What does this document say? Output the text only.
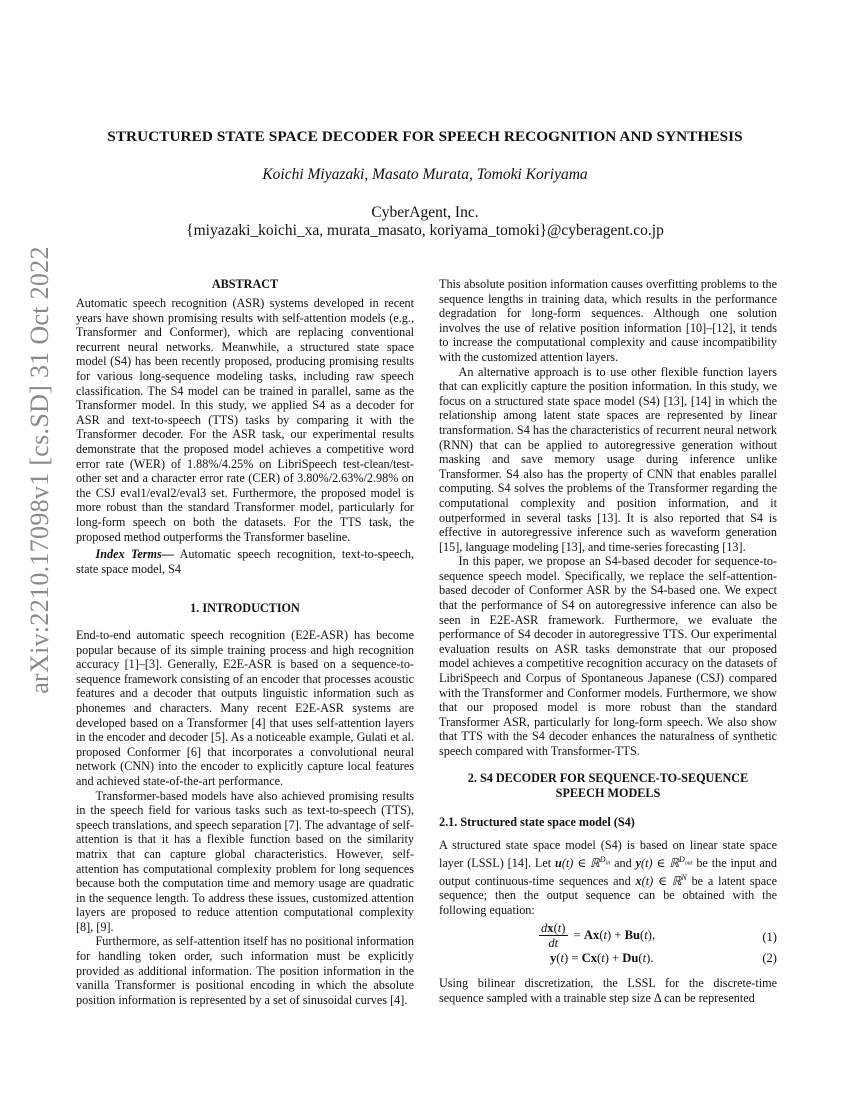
arXiv:2210.17098v1 [cs.SD] 31 Oct 2022
STRUCTURED STATE SPACE DECODER FOR SPEECH RECOGNITION AND SYNTHESIS
Koichi Miyazaki, Masato Murata, Tomoki Koriyama
CyberAgent, Inc.
{miyazaki_koichi_xa, murata_masato, koriyama_tomoki}@cyberagent.co.jp
ABSTRACT

Automatic speech recognition (ASR) systems developed in recent years have shown promising results with self-attention models (e.g., Transformer and Conformer), which are replacing conventional recurrent neural networks. Meanwhile, a structured state space model (S4) has been recently proposed, producing promising results for various long-sequence modeling tasks, including raw speech classification. The S4 model can be trained in parallel, same as the Transformer model. In this study, we applied S4 as a decoder for ASR and text-to-speech (TTS) tasks by comparing it with the Transformer decoder. For the ASR task, our experimental results demonstrate that the proposed model achieves a competitive word error rate (WER) of 1.88%/4.25% on LibriSpeech test-clean/test-other set and a character error rate (CER) of 3.80%/2.63%/2.98% on the CSJ eval1/eval2/eval3 set. Furthermore, the proposed model is more robust than the standard Transformer model, particularly for long-form speech on both the datasets. For the TTS task, the proposed method outperforms the Transformer baseline.

Index Terms— Automatic speech recognition, text-to-speech, state space model, S4

1. INTRODUCTION

End-to-end automatic speech recognition (E2E-ASR) has become popular because of its simple training process and high recognition accuracy [1]–[3]. Generally, E2E-ASR is based on a sequence-to-sequence framework consisting of an encoder that processes acoustic features and a decoder that outputs linguistic information such as phonemes and characters. Many recent E2E-ASR systems are developed based on a Transformer [4] that uses self-attention layers in the encoder and decoder [5]. As a noticeable example, Gulati et al. proposed Conformer [6] that incorporates a convolutional neural network (CNN) into the encoder to explicitly capture local features and achieved state-of-the-art performance.

Transformer-based models have also achieved promising results in the speech field for various tasks such as text-to-speech (TTS), speech translations, and speech separation [7]. The advantage of self-attention is that it has a flexible function based on the similarity matrix that can capture global characteristics. However, self-attention has computational complexity problem for long sequences because both the computation time and memory usage are quadratic in the sequence length. To address these issues, customized attention layers are proposed to reduce attention computational complexity [8], [9].

Furthermore, as self-attention itself has no positional information for handling token order, such information must be explicitly provided as additional information. The position information in the vanilla Transformer is positional encoding in which the absolute position information is represented by a set of sinusoidal curves [4].

This absolute position information causes overfitting problems to the sequence lengths in training data, which results in the performance degradation for long-form sequences. Although one solution involves the use of relative position information [10]–[12], it tends to increase the computational complexity and cause incompatibility with the customized attention layers.

An alternative approach is to use other flexible function layers that can explicitly capture the position information. In this study, we focus on a structured state space model (S4) [13], [14] in which the relationship among latent state spaces are represented by linear transformation. S4 has the characteristics of recurrent neural network (RNN) that can be applied to autoregressive generation without masking and save memory usage during inference unlike Transformer. S4 also has the property of CNN that enables parallel computing. S4 solves the problems of the Transformer regarding the computational complexity and position information, and it outperformed in several tasks [13]. It is also reported that S4 is effective in autoregressive inference such as waveform generation [15], language modeling [13], and time-series forecasting [13].

In this paper, we propose an S4-based decoder for sequence-to-sequence speech model. Specifically, we replace the self-attention-based decoder of Conformer ASR by the S4-based one. We expect that the performance of S4 on autoregressive inference can also be seen in E2E-ASR framework. Furthermore, we evaluate the performance of S4 decoder in autoregressive TTS. Our experimental evaluation results on ASR tasks demonstrate that our proposed model achieves a competitive recognition accuracy on the datasets of LibriSpeech and Corpus of Spontaneous Japanese (CSJ) compared with the Transformer and Conformer models. Furthermore, we show that our proposed model is more robust than the standard Transformer ASR, particularly for long-form speech. We also show that TTS with the S4 decoder enhances the naturalness of synthetic speech compared with Transformer-TTS.

2. S4 DECODER FOR SEQUENCE-TO-SEQUENCE
SPEECH MODELS
2.1. Structured state space model (S4)

A structured state space model (S4) is based on linear state space layer (LSSL) [14]. Let u(t) ∈ ℝ$^{D_{in}}$ and y(t) ∈ ℝ$^{D_{out}}$ be the input and output continuous-time sequences and x(t) ∈ ℝ$^N$ be a latent space sequence; then the output sequence can be obtained with the following equation:

$\frac{dx(t)}{dt} = Ax(t) + Bu(t)$,	(1)
y(t) = Cx(t) + Du(t).	(2)

Using bilinear discretization, the LSSL for the discrete-time sequence sampled with a trainable step size Δ can be represented
